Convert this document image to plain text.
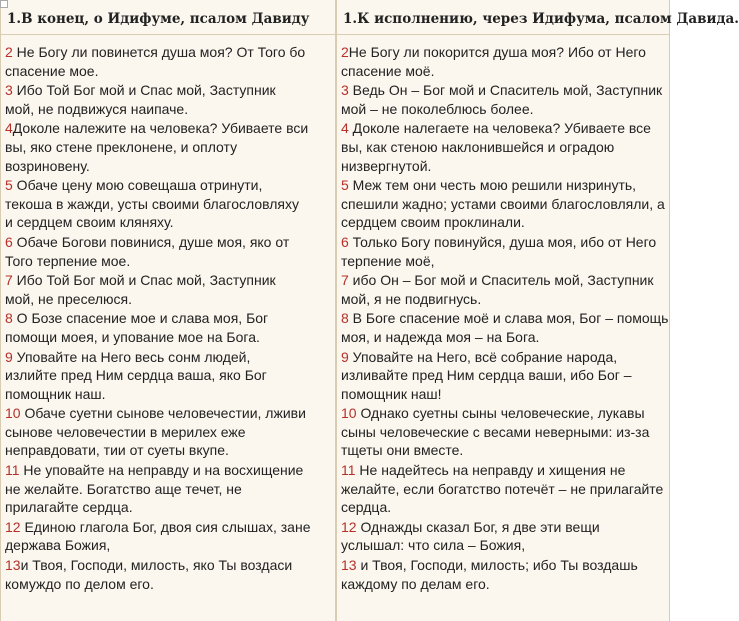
1.В конец, о Идифуме, псалом Давиду
2 Не Богу ли повинется душа моя? От Того бо
спасение мое.
3 Ибо Той Бог мой и Спас мой, Заступник
мой, не подвижуся наипаче.
4Доколе належите на человека? Убиваете вси
вы, яко стене преклонене, и оплоту
возриновену.
5 Обаче цену мою совещаша отринути,
текоша в жажди, усты своими благословляху
и сердцем своим кляняху.
6 Обаче Богови повинися, душе моя, яко от
Того терпение мое.
7 Ибо Той Бог мой и Спас мой, Заступник
мой, не преселюся.
8 О Бозе спасение мое и слава моя, Бог
помощи моея, и упование мое на Бога.
9 Уповайте на Него весь сонм людей,
излийте пред Ним сердца ваша, яко Бог
помощник наш.
10 Обаче суетни сынове человечестии, лживи
сынове человечестии в мерилех еже
неправдовати, тии от суеты вкупе.
11 Не уповайте на неправду и на восхищение
не желайте. Богатство аще течет, не
прилагайте сердца.
12 Единою глагола Бог, двоя сия слышах, зане
держава Божия,
13и Твоя, Господи, милость, яко Ты воздаси
комуждо по делом его.
1.К исполнению, через Идифума, псалом Давида.
2Не Богу ли покорится душа моя? Ибо от Него
спасение моё.
3 Ведь Он – Бог мой и Спаситель мой, Заступник
мой – не поколеблюсь более.
4 Доколе налегаете на человека? Убиваете все
вы, как стеною наклонившейся и оградою
низвергнутой.
5 Меж тем они честь мою решили низринуть,
спешили жадно; устами своими благословляли, а
сердцем своим проклинали.
6 Только Богу повинуйся, душа моя, ибо от Него
терпение моё,
7 ибо Он – Бог мой и Спаситель мой, Заступник
мой, я не подвигнусь.
8 В Боге спасение моё и слава моя, Бог – помощь
моя, и надежда моя – на Бога.
9 Уповайте на Него, всё собрание народа,
изливайте пред Ним сердца ваши, ибо Бог –
помощник наш!
10 Однако суетны сыны человеческие, лукавы
сыны человеческие с весами неверными: из-за
тщеты они вместе.
11 Не надейтесь на неправду и хищения не
желайте, если богатство потечёт – не прилагайте
сердца.
12 Однажды сказал Бог, я две эти вещи
услышал: что сила – Божия,
13 и Твоя, Господи, милость; ибо Ты воздашь
каждому по делам его.
